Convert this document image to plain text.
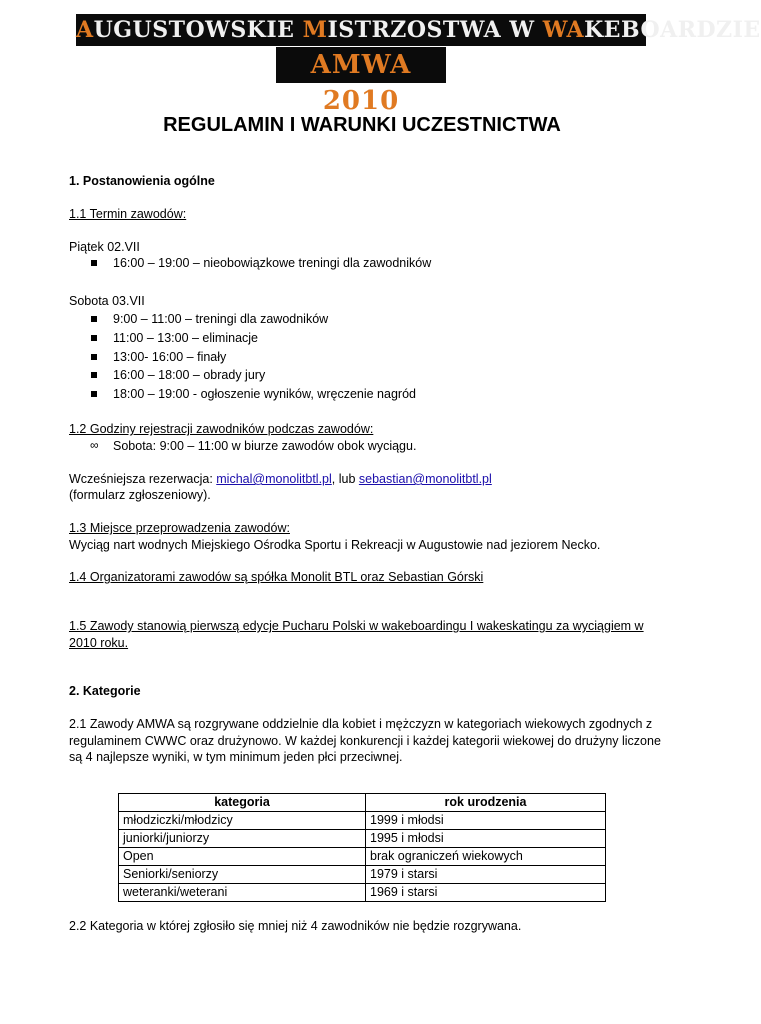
AUGUSTOWSKIE MISTRZOSTWA W WAKEBOARDZIE
AMWA 2010
REGULAMIN I WARUNKI UCZESTNICTWA
1. Postanowienia ogólne
1.1 Termin zawodów:
Piątek 02.VII
16:00 – 19:00 – nieobowiązkowe treningi dla zawodników
Sobota 03.VII
9:00 – 11:00 – treningi dla zawodników
11:00 – 13:00 – eliminacje
13:00- 16:00 – finały
16:00 – 18:00 – obrady jury
18:00 – 19:00 - ogłoszenie wyników, wręczenie nagród
1.2 Godziny rejestracji zawodników podczas zawodów:
∞ Sobota: 9:00 – 11:00 w biurze zawodów obok wyciągu.
Wcześniejsza rezerwacja: michal@monolitbtl.pl, lub sebastian@monolitbtl.pl
(formularz zgłoszeniowy).
1.3 Miejsce przeprowadzenia zawodów:
Wyciąg nart wodnych Miejskiego Ośrodka Sportu i Rekreacji w Augustowie nad jeziorem Necko.
1.4 Organizatorami zawodów są spółka Monolit BTL oraz Sebastian Górski
1.5 Zawody stanowią pierwszą edycje Pucharu Polski w wakeboardingu I wakeskatingu za wyciągiem w
2010 roku.
2. Kategorie
2.1 Zawody AMWA są rozgrywane oddzielnie dla kobiet i mężczyzn w kategoriach wiekowych zgodnych z
regulaminem CWWC oraz drużynowo. W każdej konkurencji i każdej kategorii wiekowej do drużyny liczone
są 4 najlepsze wyniki, w tym minimum jeden płci przeciwnej.
kategoria	rok urodzenia
młodziczki/młodzicy	1999 i młodsi
juniorki/juniorzy	1995 i młodsi
Open	brak ograniczeń wiekowych
Seniorki/seniorzy	1979 i starsi
weteranki/weterani	1969 i starsi
2.2 Kategoria w której zgłosiło się mniej niż 4 zawodników nie będzie rozgrywana.
